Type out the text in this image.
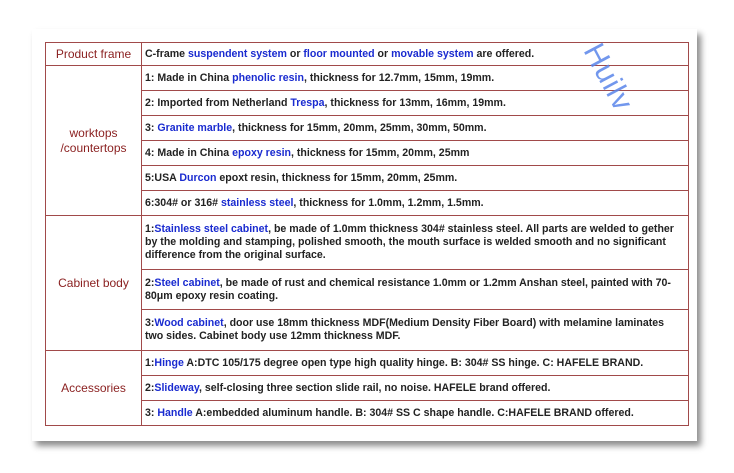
Product frame	C-frame suspendent system or floor mounted or movable system are offered.
worktops /countertops	1: Made in China phenolic resin, thickness for 12.7mm, 15mm, 19mm.
	2: Imported from Netherland Trespa, thickness for 13mm, 16mm, 19mm.
	3: Granite marble, thickness for 15mm, 20mm, 25mm, 30mm, 50mm.
	4: Made in China epoxy resin, thickness for 15mm, 20mm, 25mm
	5:USA Durcon epoxt resin, thickness for 15mm, 20mm, 25mm.
	6:304# or 316# stainless steel, thickness for 1.0mm, 1.2mm, 1.5mm.
Cabinet body	1:Stainless steel cabinet, be made of 1.0mm thickness 304# stainless steel. All parts are welded to gether by the molding and stamping, polished smooth, the mouth surface is welded smooth and no significant difference from the original surface.
	2:Steel cabinet, be made of rust and chemical resistance 1.0mm or 1.2mm Anshan steel, painted with 70-80μm epoxy resin coating.
	3:Wood cabinet, door use 18mm thickness MDF(Medium Density Fiber Board) with melamine laminates two sides. Cabinet body use 12mm thickness MDF.
Accessories	1:Hinge A:DTC 105/175 degree open type high quality hinge. B: 304# SS hinge. C: HAFELE BRAND.
	2:Slideway, self-closing three section slide rail, no noise. HAFELE brand offered.
	3: Handle A:embedded aluminum handle. B: 304# SS C shape handle. C:HAFELE BRAND offered.
Huilv
